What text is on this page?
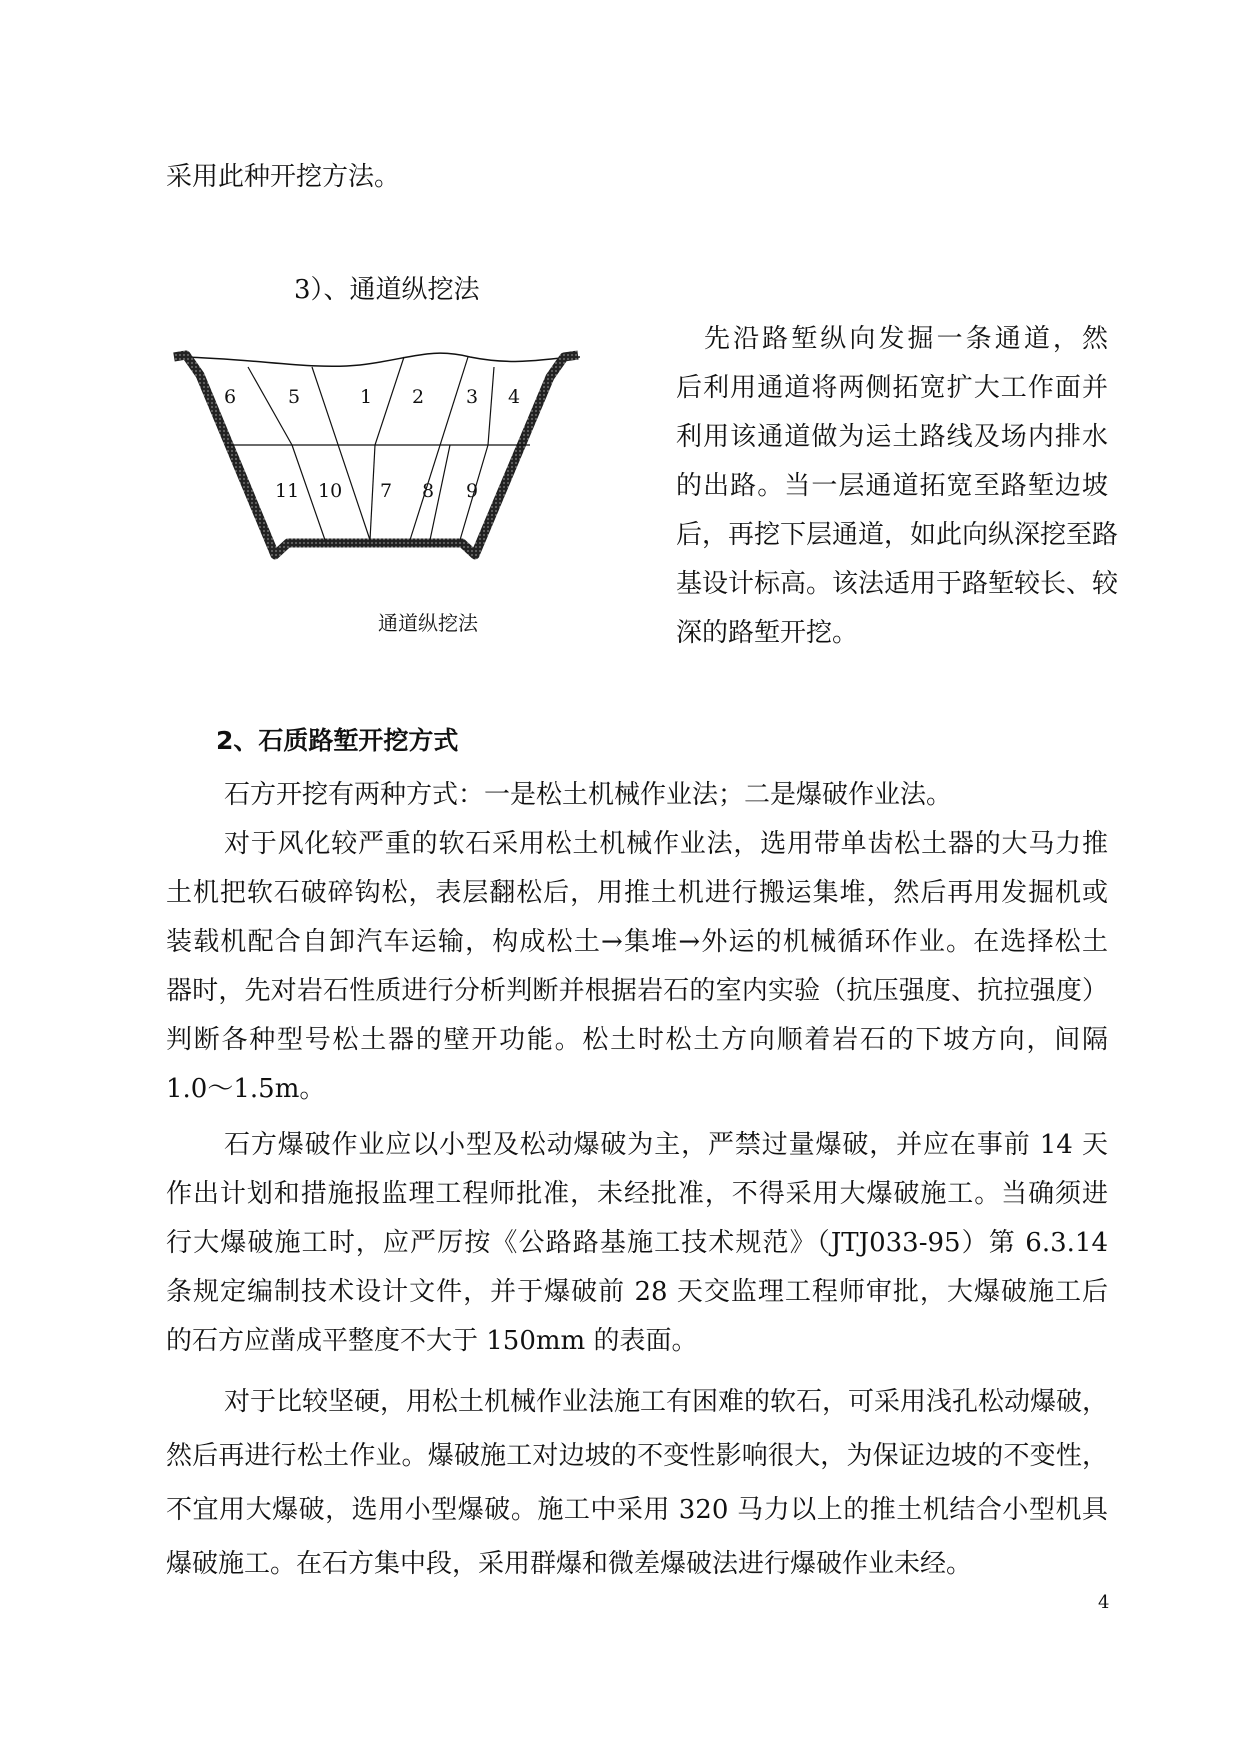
采用此种开挖方法。
3）、通道纵挖法
6	5	1 2 3 4
11 10 7 8 9
通道纵挖法
先沿路堑纵向发掘一条通道，然
后利用通道将两侧拓宽扩大工作面并
利用该通道做为运土路线及场内排水
的出路。当一层通道拓宽至路堑边坡
后，再挖下层通道，如此向纵深挖至路
基设计标高。该法适用于路堑较长、较
深的路堑开挖。
2、石质路堑开挖方式
石方开挖有两种方式：一是松土机械作业法；二是爆破作业法。
对于风化较严重的软石采用松土机械作业法，选用带单齿松土器的大马力推
土机把软石破碎钩松，表层翻松后，用推土机进行搬运集堆，然后再用发掘机或
装载机配合自卸汽车运输，构成松土→集堆→外运的机械循环作业。在选择松土
器时，先对岩石性质进行分析判断并根据岩石的室内实验（抗压强度、抗拉强度）
判断各种型号松土器的壁开功能。松土时松土方向顺着岩石的下坡方向，间隔
1.0～1.5m。
石方爆破作业应以小型及松动爆破为主，严禁过量爆破，并应在事前 14 天
作出计划和措施报监理工程师批准，未经批准，不得采用大爆破施工。当确须进
行大爆破施工时，应严厉按《公路路基施工技术规范》（JTJ033-95）第 6.3.14
条规定编制技术设计文件，并于爆破前 28 天交监理工程师审批，大爆破施工后
的石方应凿成平整度不大于 150mm 的表面。
对于比较坚硬，用松土机械作业法施工有困难的软石，可采用浅孔松动爆破，
然后再进行松土作业。爆破施工对边坡的不变性影响很大，为保证边坡的不变性，
不宜用大爆破，选用小型爆破。施工中采用 320 马力以上的推土机结合小型机具
爆破施工。在石方集中段，采用群爆和微差爆破法进行爆破作业未经。
4
